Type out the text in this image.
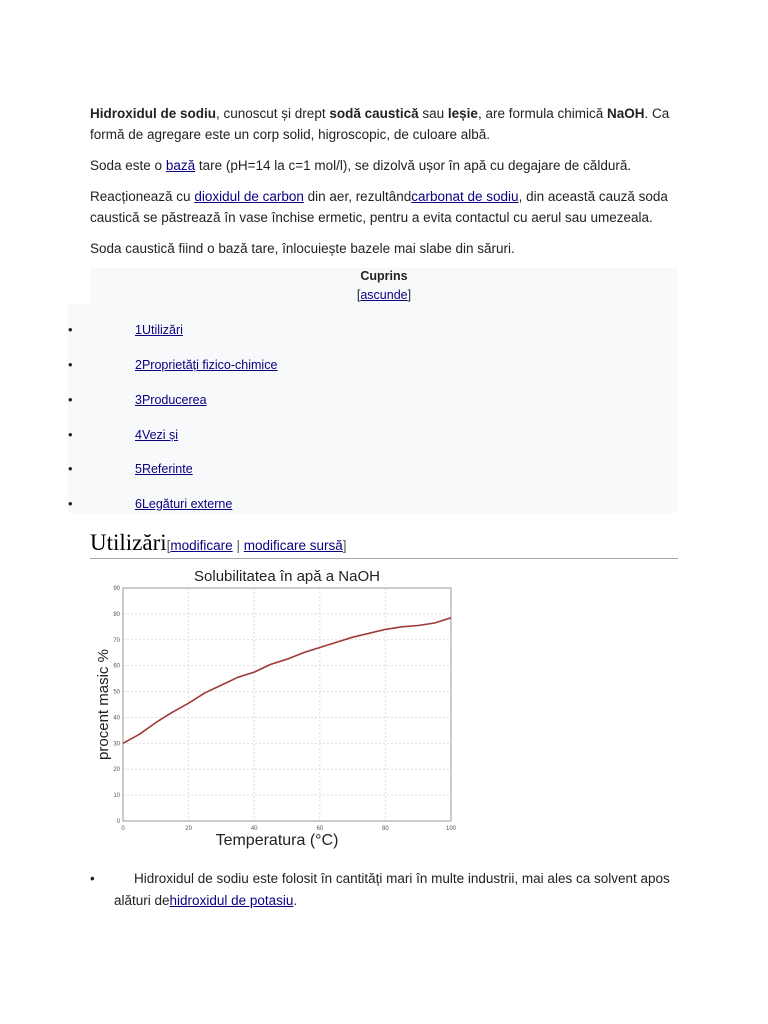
Hidroxidul de sodiu, cunoscut și drept sodă caustică sau leșie, are formula chimică NaOH. Ca formă de agregare este un corp solid, higroscopic, de culoare albă.

Soda este o bază tare (pH=14 la c=1 mol/l), se dizolvă ușor în apă cu degajare de căldură.

Reacționează cu dioxidul de carbon din aer, rezultândcarbonat de sodiu, din această cauză soda caustică se păstrează în vase închise ermetic, pentru a evita contactul cu aerul sau umezeala.

Soda caustică fiind o bază tare, înlocuiește bazele mai slabe din săruri.

Cuprins
[ascunde]
•	1Utilizări
•	2Proprietăți fizico-chimice
•	3Producerea
•	4Vezi și
•	5Referinte
•	6Legături externe
Utilizări[modificare | modificare sursă]
Solubilitatea în apă a NaOH
0	20	40	60	80	100
0
10
20
30
40
50
60
70
80
90
Temperatura (°C)
procent masic %
•	Hidroxidul de sodiu este folosit în cantități mari în multe industrii, mai ales ca solvent apos alături dehidroxidul de potasiu.
